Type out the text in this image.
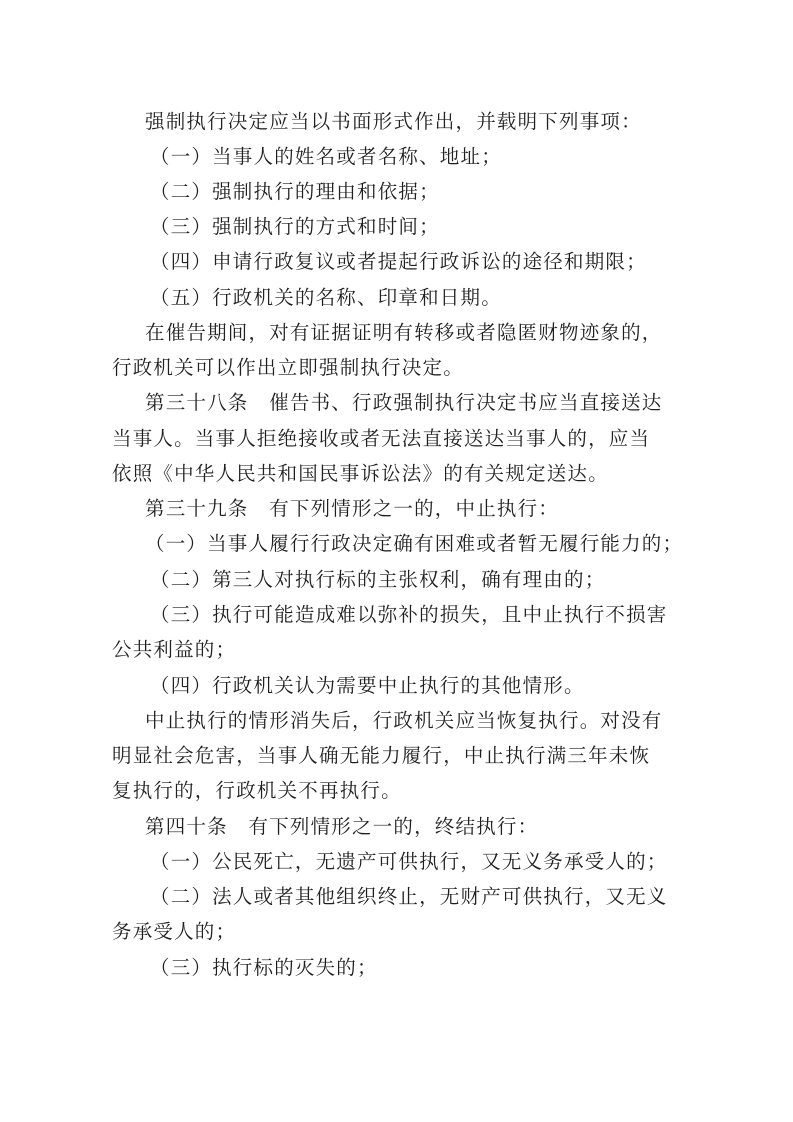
强制执行决定应当以书面形式作出，并载明下列事项：
（一）当事人的姓名或者名称、地址；
（二）强制执行的理由和依据；
（三）强制执行的方式和时间；
（四）申请行政复议或者提起行政诉讼的途径和期限；
（五）行政机关的名称、印章和日期。
在催告期间，对有证据证明有转移或者隐匿财物迹象的，
行政机关可以作出立即强制执行决定。
第三十八条　催告书、行政强制执行决定书应当直接送达
当事人。当事人拒绝接收或者无法直接送达当事人的，应当
依照《中华人民共和国民事诉讼法》的有关规定送达。
第三十九条　有下列情形之一的，中止执行：
（一）当事人履行行政决定确有困难或者暂无履行能力的；
（二）第三人对执行标的主张权利，确有理由的；
（三）执行可能造成难以弥补的损失，且中止执行不损害
公共利益的；
（四）行政机关认为需要中止执行的其他情形。
中止执行的情形消失后，行政机关应当恢复执行。对没有
明显社会危害，当事人确无能力履行，中止执行满三年未恢
复执行的，行政机关不再执行。
第四十条　有下列情形之一的，终结执行：
（一）公民死亡，无遗产可供执行，又无义务承受人的；
（二）法人或者其他组织终止，无财产可供执行，又无义
务承受人的；
（三）执行标的灭失的；
